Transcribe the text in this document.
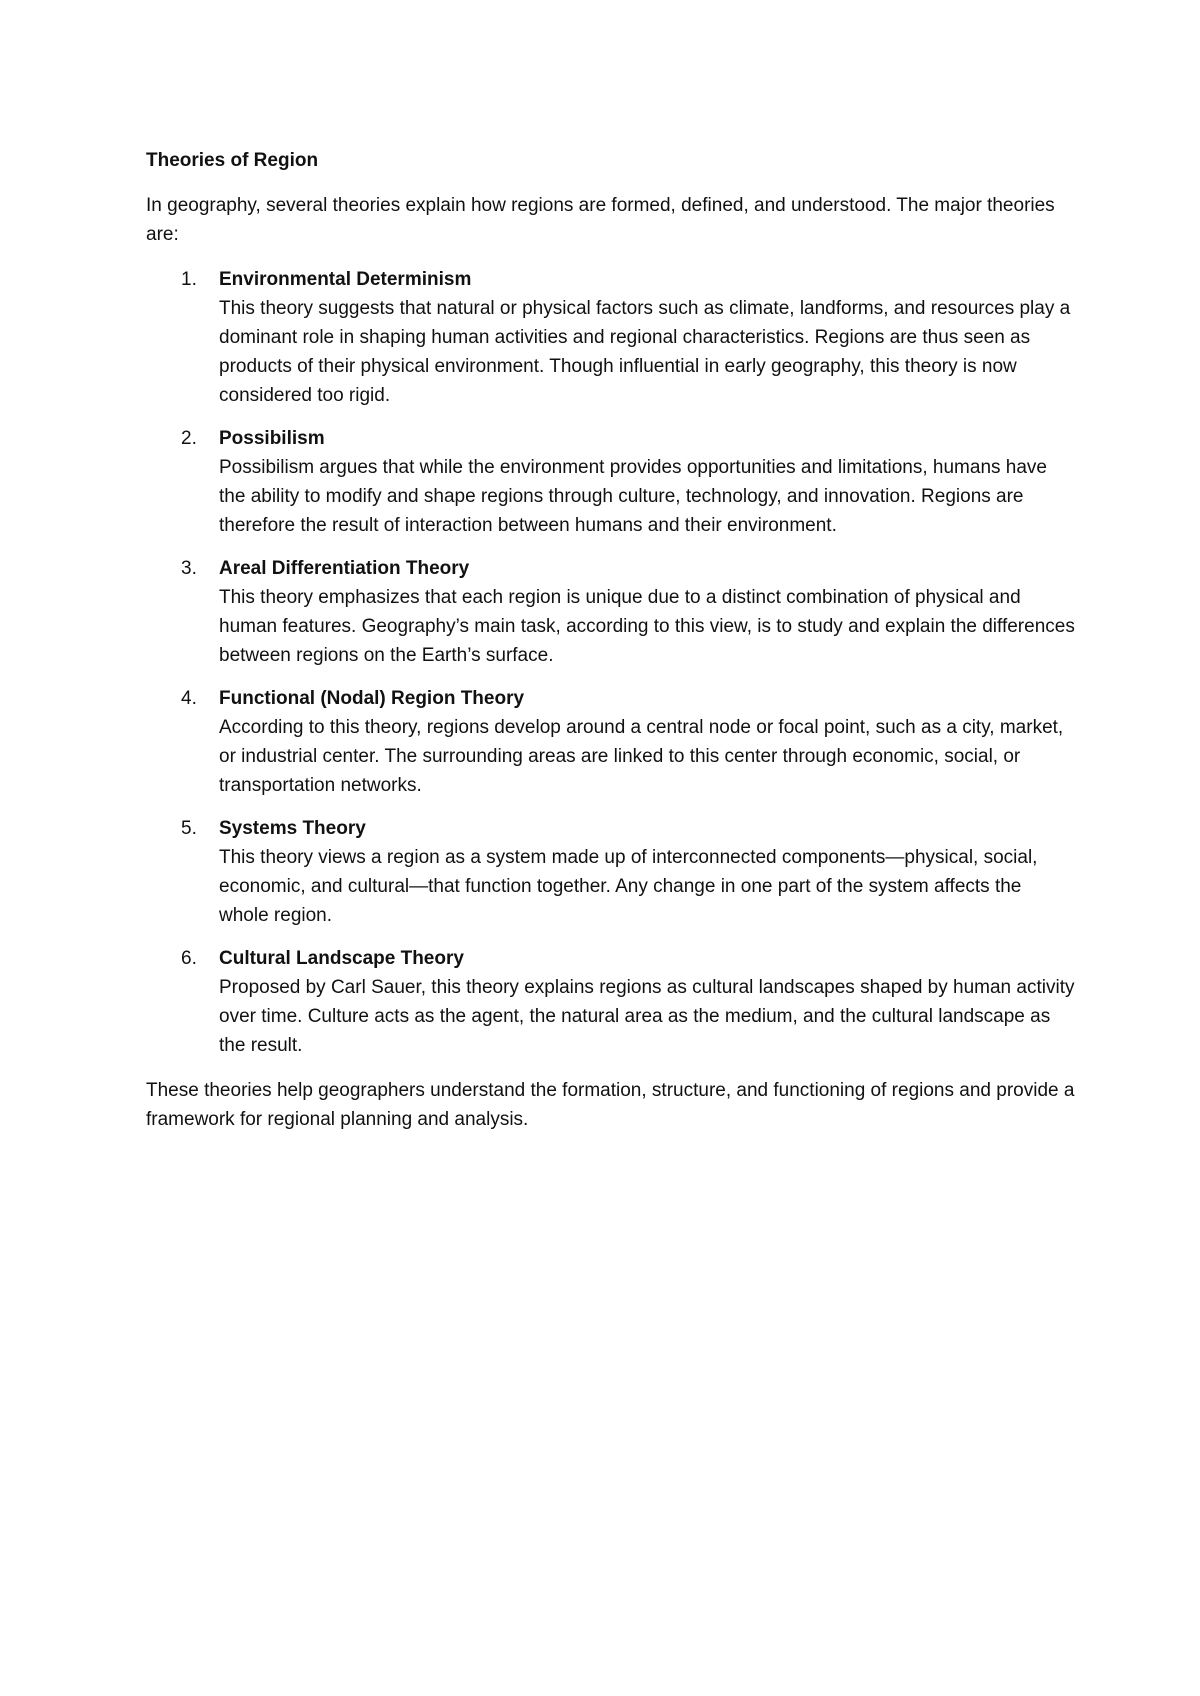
Theories of Region

In geography, several theories explain how regions are formed, defined, and understood. The major theories are:

1.	Environmental Determinism
This theory suggests that natural or physical factors such as climate, landforms, and resources play a dominant role in shaping human activities and regional characteristics. Regions are thus seen as products of their physical environment. Though influential in early geography, this theory is now considered too rigid.
2.	Possibilism
Possibilism argues that while the environment provides opportunities and limitations, humans have the ability to modify and shape regions through culture, technology, and innovation. Regions are therefore the result of interaction between humans and their environment.
3.	Areal Differentiation Theory
This theory emphasizes that each region is unique due to a distinct combination of physical and human features. Geography’s main task, according to this view, is to study and explain the differences between regions on the Earth’s surface.
4.	Functional (Nodal) Region Theory
According to this theory, regions develop around a central node or focal point, such as a city, market, or industrial center. The surrounding areas are linked to this center through economic, social, or transportation networks.
5.	Systems Theory
This theory views a region as a system made up of interconnected components—physical, social, economic, and cultural—that function together. Any change in one part of the system affects the whole region.
6.	Cultural Landscape Theory
Proposed by Carl Sauer, this theory explains regions as cultural landscapes shaped by human activity over time. Culture acts as the agent, the natural area as the medium, and the cultural landscape as the result.

These theories help geographers understand the formation, structure, and functioning of regions and provide a framework for regional planning and analysis.
